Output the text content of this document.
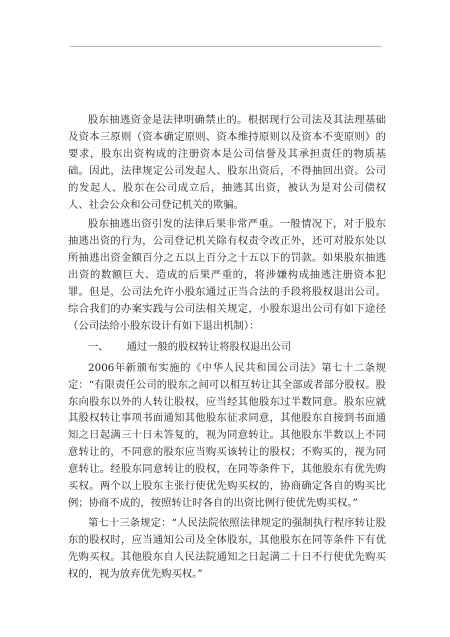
股东抽逃资金是法律明确禁止的。根据现行公司法及其法理基础及资本三原则（资本确定原则、资本维持原则以及资本不变原则）的要求，股东出资构成的注册资本是公司信誉及其承担责任的物质基础。因此，法律规定公司发起人、股东出资后，不得抽回出资。公司的发起人、股东在公司成立后，抽逃其出资，被认为是对公司债权人、社会公众和公司登记机关的欺骗。

股东抽逃出资引发的法律后果非常严重。一般情况下，对于股东抽逃出资的行为，公司登记机关除有权责令改正外，还可对股东处以所抽逃出资金额百分之五以上百分之十五以下的罚款。如果股东抽逃出资的数额巨大、造成的后果严重的，将涉嫌构成抽逃注册资本犯罪。但是，公司法允许小股东通过正当合法的手段将股权退出公司。综合我们的办案实践与公司法相关规定，小股东退出公司有如下途径（公司法给小股东设计有如下退出机制）：

一、 通过一般的股权转让将股权退出公司

2006年新颁布实施的《中华人民共和国公司法》第七十二条规定：“有限责任公司的股东之间可以相互转让其全部或者部分股权。股东向股东以外的人转让股权，应当经其他股东过半数同意。股东应就其股权转让事项书面通知其他股东征求同意，其他股东自接到书面通知之日起满三十日未答复的，视为同意转让。其他股东半数以上不同意转让的，不同意的股东应当购买该转让的股权；不购买的，视为同意转让。经股东同意转让的股权，在同等条件下，其他股东有优先购买权。两个以上股东主张行使优先购买权的，协商确定各自的购买比例；协商不成的，按照转让时各自的出资比例行使优先购买权。”

第七十三条规定：“人民法院依照法律规定的强制执行程序转让股东的股权时，应当通知公司及全体股东，其他股东在同等条件下有优先购买权。其他股东自人民法院通知之日起满二十日不行使优先购买权的，视为放弃优先购买权。”
